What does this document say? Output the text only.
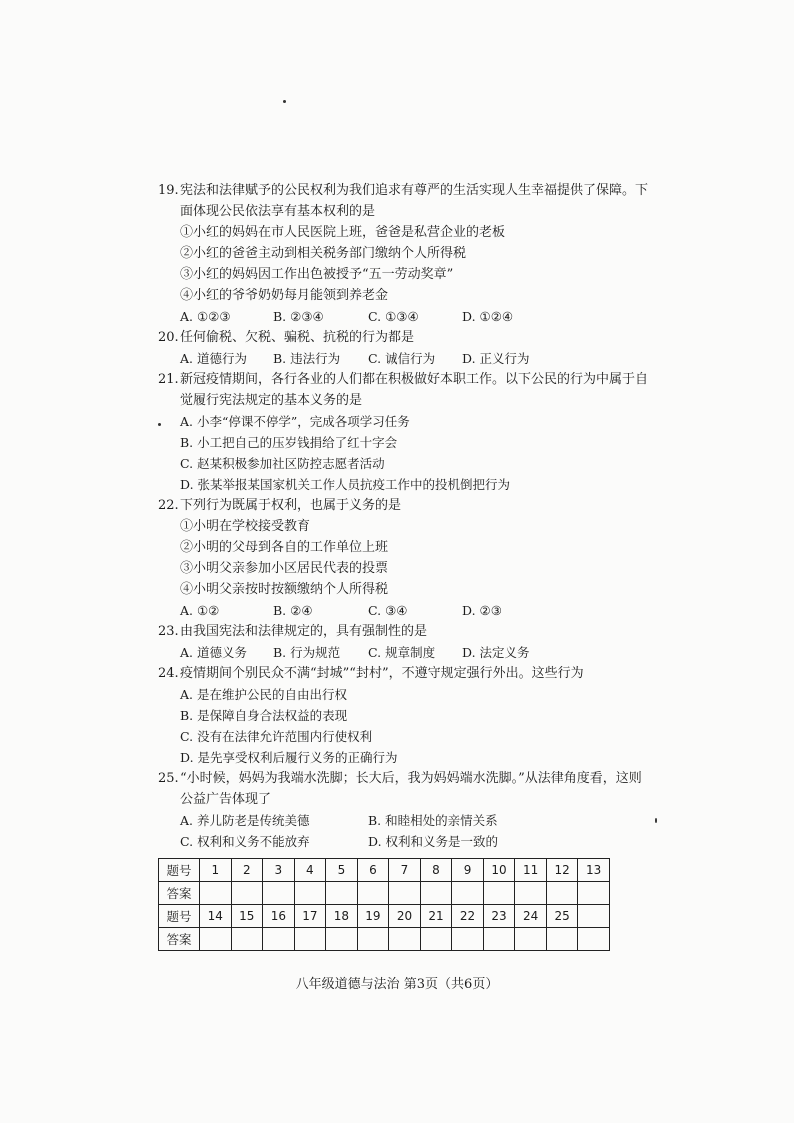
19. 宪法和法律赋予的公民权利为我们追求有尊严的生活实现人生幸福提供了保障。下
面体现公民依法享有基本权利的是
①小红的妈妈在市人民医院上班，爸爸是私营企业的老板
②小红的爸爸主动到相关税务部门缴纳个人所得税
③小红的妈妈因工作出色被授予“五一劳动奖章”
④小红的爷爷奶奶每月能领到养老金
A. ①②③	B. ②③④	C. ①③④	D. ①②④
20. 任何偷税、欠税、骗税、抗税的行为都是
A. 道德行为 B. 违法行为 C. 诚信行为 D. 正义行为
21. 新冠疫情期间，各行各业的人们都在积极做好本职工作。以下公民的行为中属于自
觉履行宪法规定的基本义务的是
A. 小李“停课不停学”，完成各项学习任务
B. 小工把自己的压岁钱捐给了红十字会
C. 赵某积极参加社区防控志愿者活动
D. 张某举报某国家机关工作人员抗疫工作中的投机倒把行为
22. 下列行为既属于权利，也属于义务的是
①小明在学校接受教育
②小明的父母到各自的工作单位上班
③小明父亲参加小区居民代表的投票
④小明父亲按时按额缴纳个人所得税
A. ①②	B. ②④	C. ③④	D. ②③
23. 由我国宪法和法律规定的，具有强制性的是
A. 道德义务 B. 行为规范 C. 规章制度 D. 法定义务
24. 疫情期间个别民众不满“封城”“封村”，不遵守规定强行外出。这些行为
A. 是在维护公民的自由出行权
B. 是保障自身合法权益的表现
C. 没有在法律允许范围内行使权利
D. 是先享受权利后履行义务的正确行为
25. “小时候，妈妈为我端水洗脚；长大后，我为妈妈端水洗脚。”从法律角度看，这则
公益广告体现了
A. 养儿防老是传统美德	B. 和睦相处的亲情关系
C. 权利和义务不能放弃	D. 权利和义务是一致的
题号	1	2	3	4	5	6	7	8	9	10	11	12	13
答案													
题号	14	15	16	17	18	19	20	21	22	23	24	25	
答案													
八年级道德与法治 第3页（共6页）
